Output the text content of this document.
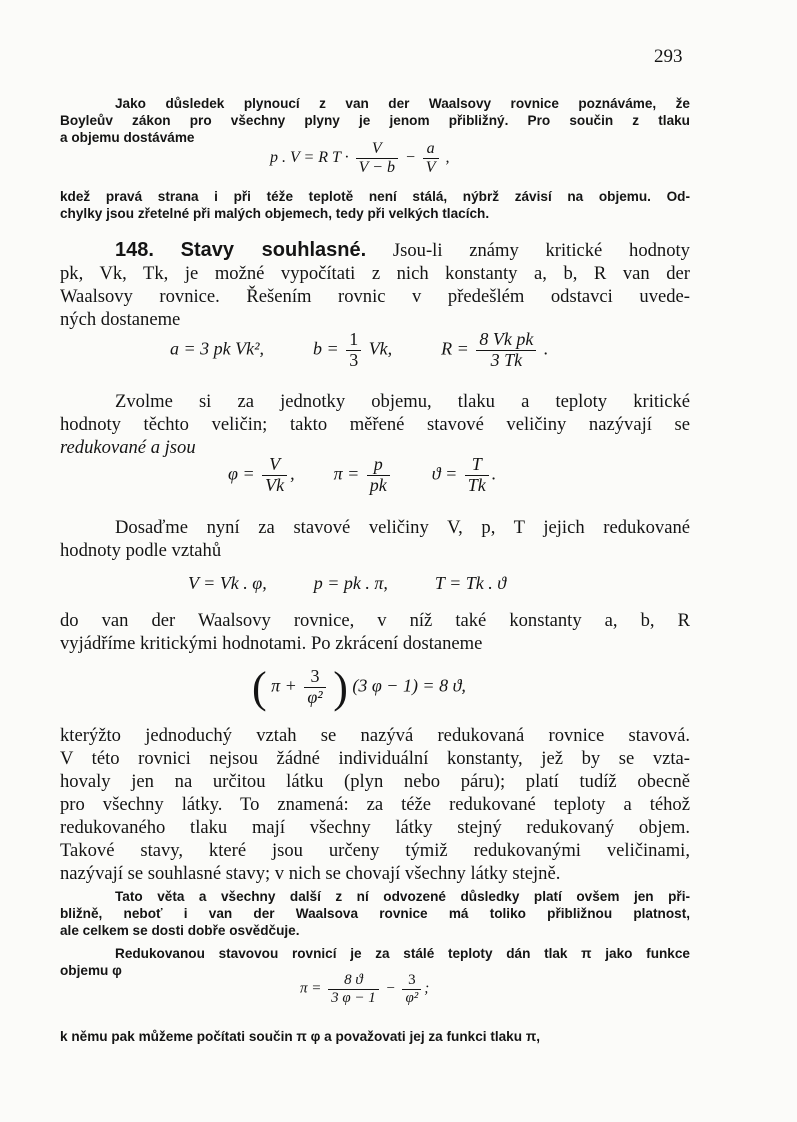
293
Jako důsledek plynoucí z van der Waalsovy rovnice poznáváme, že
Boyleův zákon pro všechny plyny je jenom přibližný. Pro součin z tlaku
a objemu dostáváme
p . V = R $T \cdot \frac{V}{V - b} - \frac{a}{V}$ ,
kdež pravá strana i při téže teplotě není stálá, nýbrž závisí na objemu. Od-
chylky jsou zřetelné při malých objemech, tedy při velkých tlacích.
148. Stavy souhlasné. Jsou-li známy kritické hodnoty
pk, Vk, Tk, je možné vypočítati z nich konstanty a, b, R van der
Waalsovy rovnice. Řešením rovnic v předešlém odstavci uvede-
ných dostaneme
a = 3 pk Vk²,	$b = \frac{1}{3} Vk$,	$R = \frac{\text{8 Vk pk}}{3 Tk}$ .
Zvolme si za jednotky objemu, tlaku a teploty kritické
hodnoty těchto veličin; takto měřené stavové veličiny nazývají se
redukované a jsou
$\varphi = \frac{V}{Vk}$ , $\pi = \frac{p}{pk}$ $ϑ = \frac{T}{Tk}$ .
Dosaďme nyní za stavové veličiny V, p, T jejich redukované
hodnoty podle vztahů
V = Vk . φ,	p = pk . π,	T = Tk . ϑ
do van der Waalsovy rovnice, v níž také konstanty a, b, R
vyjádříme kritickými hodnotami. Po zkrácení dostaneme
( $\pi + \frac{3}{\text{φ²}}$ ) (3 φ − 1) = 8 ϑ,
kterýžto jednoduchý vztah se nazývá redukovaná rovnice stavová.
V této rovnici nejsou žádné individuální konstanty, jež by se vzta-
hovaly jen na určitou látku (plyn nebo páru); platí tudíž obecně
pro všechny látky. To znamená: za téže redukované teploty a téhož
redukovaného tlaku mají všechny látky stejný redukovaný objem.
Takové stavy, které jsou určeny týmiž redukovanými veličinami,
nazývají se souhlasné stavy; v nich se chovají všechny látky stejně.
Tato věta a všechny další z ní odvozené důsledky platí ovšem jen při-
bližně, neboť i van der Waalsova rovnice má toliko přibližnou platnost,
ale celkem se dosti dobře osvědčuje.
Redukovanou stavovou rovnicí je za stálé teploty dán tlak π jako funkce
objemu φ
$\pi = \frac{8 ϑ}{3 \varphi - 1} - \frac{3}{\text{φ²}}$ ;
k němu pak můžeme počítati součin π φ a považovati jej za funkci tlaku π,
